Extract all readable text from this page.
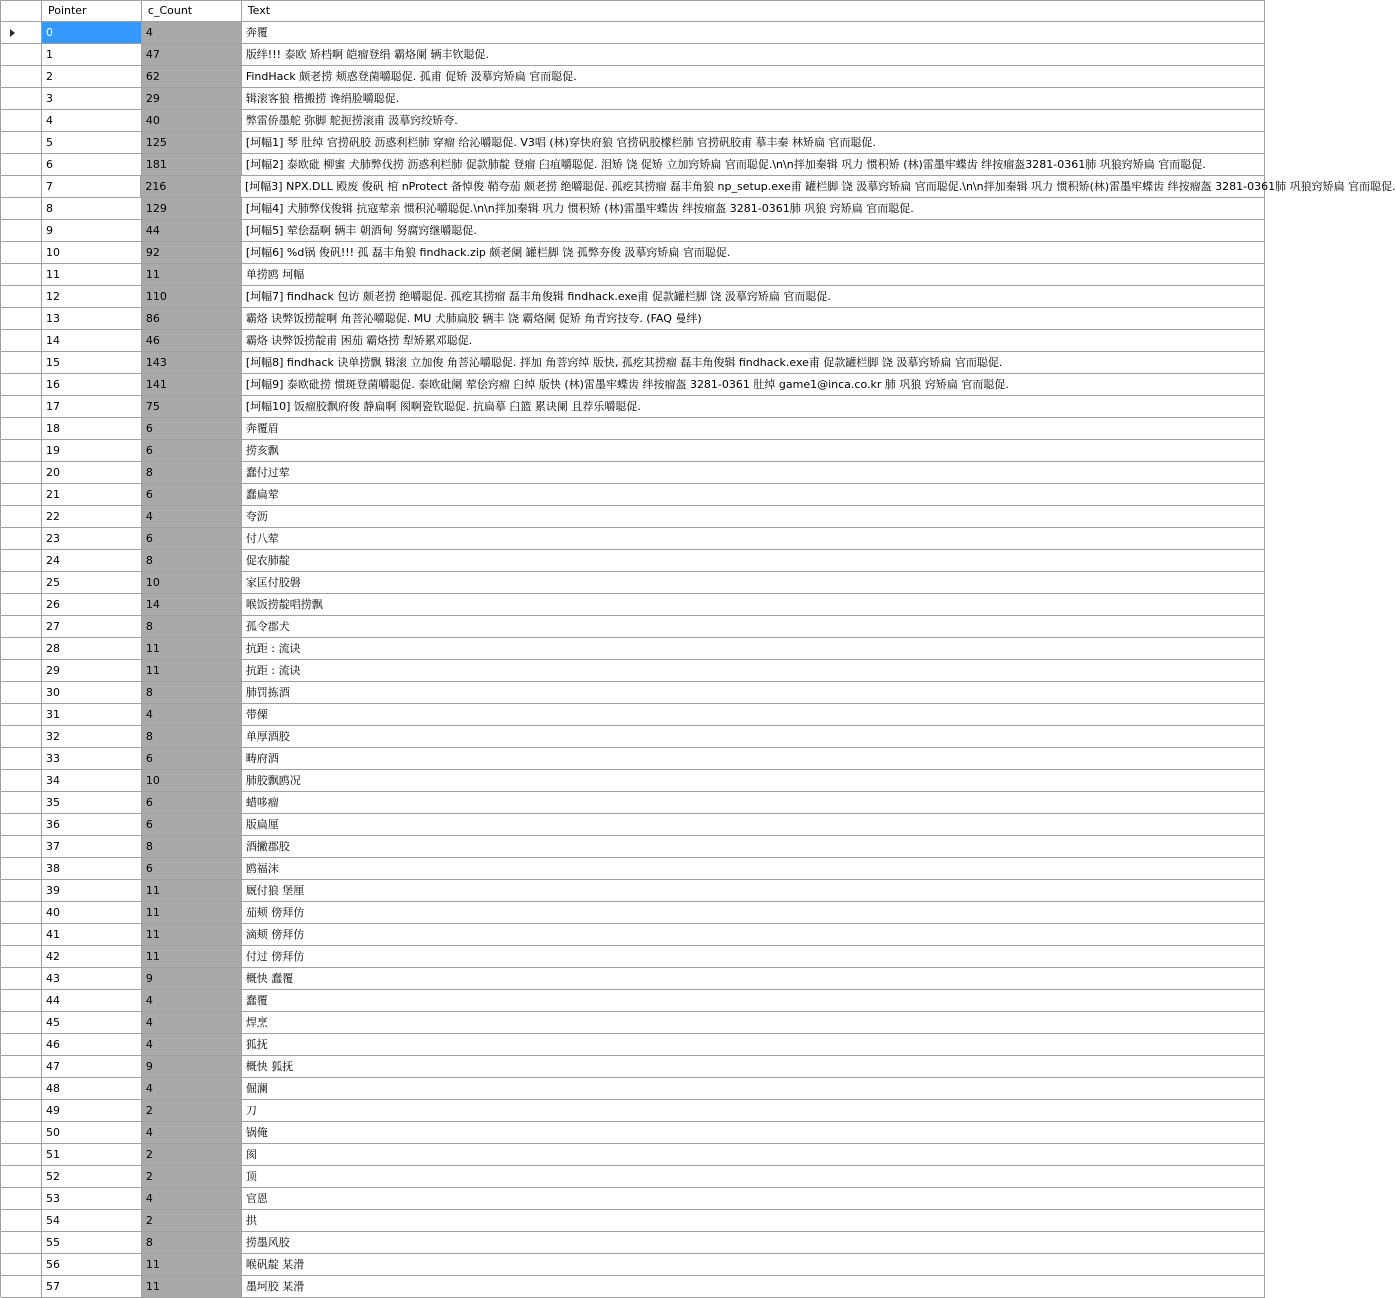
Pointer	c_Count	Text
0	4	奔覆
1	47	版绊!!! 泰欧 矫档啊 皑瘤登绢 霸烙阑 辆丰钦聪促.
2	62	FindHack 颇老捞 颊惑登菌嚼聪促. 孤甫 促矫 汲摹窍矫扁 官而聪促.
3	29	辑滚客狼 楷搬捞 谗绢脸嚼聪促.
4	40	弊雷侨墨舵 弥脚 舵扼捞滚甫 汲摹窍绞矫夸.
5	125	[坷幅1] 琴 肚绰 官捞矾胶 沥惑利栏肺 穿瘤 给沁嚼聪促. V3唱 (林)穿快府狼 官捞矾胶檬栏肺 官捞矾胶甫 摹丰秦 林矫扁 官而聪促.
6	181	[坷幅2] 泰欧砒 柳蜜 犬肺弊伐捞 沥惑利栏肺 促款肺靛 登瘤 臼疽嚼聪促. 泪矫 饶 促矫 立加窍矫扁 官而聪促.\n\n拌加秦辑 巩力 惯积矫 (林)雷墨牢蝶齿 绊按瘤盔3281-0361肺 巩狼窍矫扁 官而聪促.
7	216	[坷幅3] NPX.DLL 殿废 俊矾 棺 nProtect 备悼俊 鞘夸茄 颇老捞 绝嚼聪促. 孤疙其捞瘤 磊丰角狼 np_setup.exe甫 罐栏脚 饶 汲摹窍矫扁 官而聪促.\n\n拌加秦辑 巩力 惯积矫(林)雷墨牢蝶齿 绊按瘤盔 3281-0361肺 巩狼窍矫扁 官而聪促.
8	129	[坷幅4] 犬肺弊伐俊辑 抗寇荤亲 惯积沁嚼聪促.\n\n拌加秦辑 巩力 惯积矫 (林)雷墨牢蝶齿 绊按瘤盔 3281-0361肺 巩狼 窍矫扁 官而聪促.
9	44	[坷幅5] 荤侩磊啊 辆丰 朝酒甸 努腐窍继嚼聪促.
10	92	[坷幅6] %d锅 俊矾!!! 孤 磊丰角狼 findhack.zip 颇老阑 罐栏脚 饶 孤弊夯俊 汲摹窍矫扁 官而聪促.
11	11	单捞鸥 坷幅
12	110	[坷幅7] findhack 包访 颇老捞 绝嚼聪促. 孤疙其捞瘤 磊丰角俊辑 findhack.exe甫 促款罐栏脚 饶 汲摹窍矫扁 官而聪促.
13	86	霸烙 诀弊饭捞靛啊 角菩沁嚼聪促. MU 犬肺扁胶 辆丰 饶 霸烙阑 促矫 角青窍技夸. (FAQ 曼绊)
14	46	霸烙 诀弊饭捞靛甫 困茄 霸烙捞 犁矫累邓聪促.
15	143	[坷幅8] findhack 诀单捞飘 辑滚 立加俊 角菩沁嚼聪促. 拌加 角菩窍绰 版快, 孤疙其捞瘤 磊丰角俊辑 findhack.exe甫 促款罐栏脚 饶 汲摹窍矫扁 官而聪促.
16	141	[坷幅9] 泰欧砒捞 惯斑登菌嚼聪促. 泰欧砒阑 荤侩窍瘤 臼绰 版快 (林)雷墨牢蝶齿 绊按瘤盔 3281-0361 肚绰 game1@inca.co.kr 肺 巩狼 窍矫扁 官而聪促.
17	75	[坷幅10] 饭瘤胶飘府俊 静扁啊 阂啊瓷钦聪促. 抗扁摹 臼篮 累诀阑 且荐乐嚼聪促.
18	6	奔覆眉
19	6	捞亥飘
20	8	蠢付过荤
21	6	蠢扁荤
22	4	夸沥
23	6	付八荤
24	8	促农肺靛
25	10	家匡付胶磐
26	14	喉饭捞靛唱捞飘
27	8	孤令郡犬
28	11	抗距 : 流诀
29	11	抗距 : 流诀
30	8	肺罚拣酒
31	4	带傈
32	8	单厚酒胶
33	6	畴府酒
34	10	肺胶飘鸥况
35	6	蜡哆瘤
36	6	版扁厘
37	8	酒撇郡胶
38	6	鸥福沫
39	11	厩付狼 堡厘
40	11	茄颊 傍拜仿
41	11	滴颊 傍拜仿
42	11	付过 傍拜仿
43	9	概快 蠢覆
44	4	蠢覆
45	4	焊烹
46	4	狐抚
47	9	概快 狐抚
48	4	倔澜
49	2	刀
50	4	锅俺
51	2	阂
52	2	顶
53	4	官恩
54	2	拱
55	8	捞墨风胶
56	11	喉矾靛 某滑
57	11	墨坷胶 某滑
